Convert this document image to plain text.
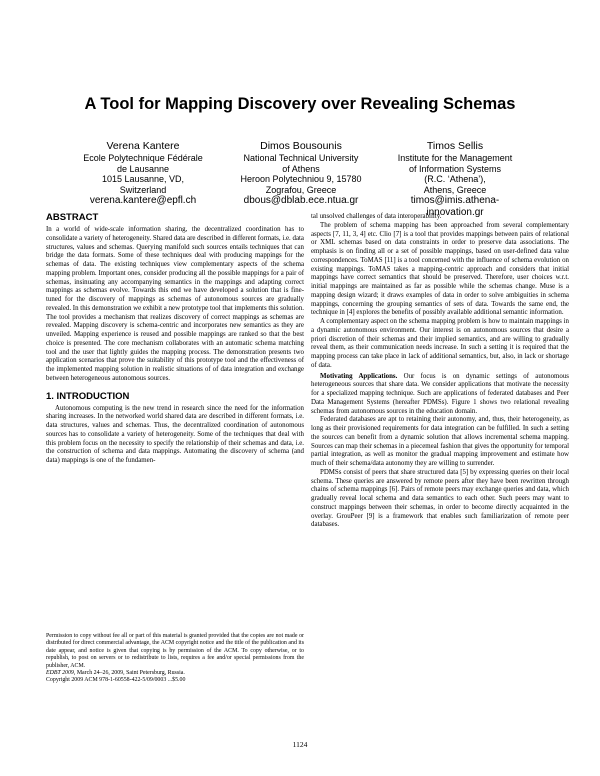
A Tool for Mapping Discovery over Revealing Schemas
Verena Kantere
Ecole Polytechnique Fédérale
de Lausanne
1015 Lausanne, VD,
Switzerland
verena.kantere@epfl.ch
Dimos Bousounis
National Technical University
of Athens
Heroon Polytechniou 9, 15780
Zografou, Greece
dbous@dblab.ece.ntua.gr
Timos Sellis
Institute for the Management
of Information Systems
(R.C. ‘Athena’),
Athens, Greece
timos@imis.athena-
innovation.gr
ABSTRACT

In a world of wide-scale information sharing, the decentralized coordination has to consolidate a variety of heterogeneity. Shared data are described in different formats, i.e. data structures, values and schemas. Querying manifold such sources entails techniques that can bridge the data formats. Some of these techniques deal with producing mappings for the schemas of data. The existing techniques view complementary aspects of the schema mapping problem. Important ones, consider producing all the possible mappings for a pair of schemas, insinuating any accompanying semantics in the mappings and adapting correct mappings as schemas evolve. Towards this end we have developed a solution that is fine-tuned for the discovery of mappings as schemas of autonomous sources are gradually revealed. In this demonstration we exhibit a new prototype tool that implements this solution. The tool provides a mechanism that realizes discovery of correct mappings as schemas are revealed. Mapping discovery is schema-centric and incorporates new semantics as they are unveiled. Mapping experience is reused and possible mappings are ranked so that the best choice is presented. The core mechanism collaborates with an automatic schema matching tool and the user that lightly guides the mapping process. The demonstration presents two application scenarios that prove the suitability of this prototype tool and the effectiveness of the implemented mapping solution in realistic situations of of data integration and exchange between heterogeneous autonomous sources.

1. INTRODUCTION

Autonomous computing is the new trend in research since the need for the information sharing increases. In the networked world shared data are described in different formats, i.e. data structures, values and schemas. Thus, the decentralized coordination of autonomous sources has to consolidate a variety of heterogeneity. Some of the techniques that deal with this problem focus on the necessity to specify the relationship of their schemas and data, i.e. the construction of schema and data mappings. Automating the discovery of schema (and data) mappings is one of the fundamen-

Permission to copy without fee all or part of this material is granted provided that the copies are not made or distributed for direct commercial advantage, the ACM copyright notice and the title of the publication and its date appear, and notice is given that copying is by permission of the ACM. To copy otherwise, or to republish, to post on servers or to redistribute to lists, requires a fee and/or special permissions from the publisher, ACM.

EDBT 2009, March 24–26, 2009, Saint Petersburg, Russia.

Copyright 2009 ACM 978-1-60558-422-5/09/0003 ...$5.00

tal unsolved challenges of data interoperability.

The problem of schema mapping has been approached from several complementary aspects [7, 11, 3, 4] etc. Clio [7] is a tool that provides mappings between pairs of relational or XML schemas based on data constraints in order to preserve data associations. The emphasis is on finding all or a set of possible mappings, based on user-defined data value correspondences. ToMAS [11] is a tool concerned with the influence of schema evolution on existing mappings. ToMAS takes a mapping-centric approach and considers that initial mappings have correct semantics that should be preserved. Therefore, user choices w.r.t. initial mappings are maintained as far as possible while the schemas change. Muse is a mapping design wizard; it draws examples of data in order to solve ambiguities in schema mappings, concerning the grouping semantics of sets of data. Towards the same end, the technique in [4] explores the benefits of possibly available additional semantic information.

A complementary aspect on the schema mapping problem is how to maintain mappings in a dynamic autonomous environment. Our interest is on autonomous sources that desire a priori discretion of their schemas and their implied semantics, and are willing to gradually reveal them, as their communication needs increase. In such a setting it is required that the mapping process can take place in lack of additional semantics, but, also, in lack or shortage of data.

Motivating Applications. Our focus is on dynamic settings of autonomous heterogeneous sources that share data. We consider applications that motivate the necessity for a specialized mapping technique. Such are applications of federated databases and Peer Data Management Systems (hereafter PDMSs). Figure 1 shows two relational revealing schemas from autonomous sources in the education domain.

Federated databases are apt to retaining their autonomy, and, thus, their heterogeneity, as long as their provisioned requirements for data integration can be fulfilled. In such a setting the sources can benefit from a dynamic solution that allows incremental schema mapping. Sources can map their schemas in a piecemeal fashion that gives the opportunity for temporal partial integration, as well as monitor the gradual mapping improvement and estimate how much of their schema/data autonomy they are willing to surrender.

PDMSs consist of peers that share structured data [5] by expressing queries on their local schema. These queries are answered by remote peers after they have been rewritten through chains of schema mappings [6]. Pairs of remote peers may exchange queries and data, which gradually reveal local schema and data semantics to each other. Such peers may want to construct mappings between their schemas, in order to become directly acquainted in the overlay. GrouPeer [9] is a framework that enables such familiarization of remote peer databases.

1124
